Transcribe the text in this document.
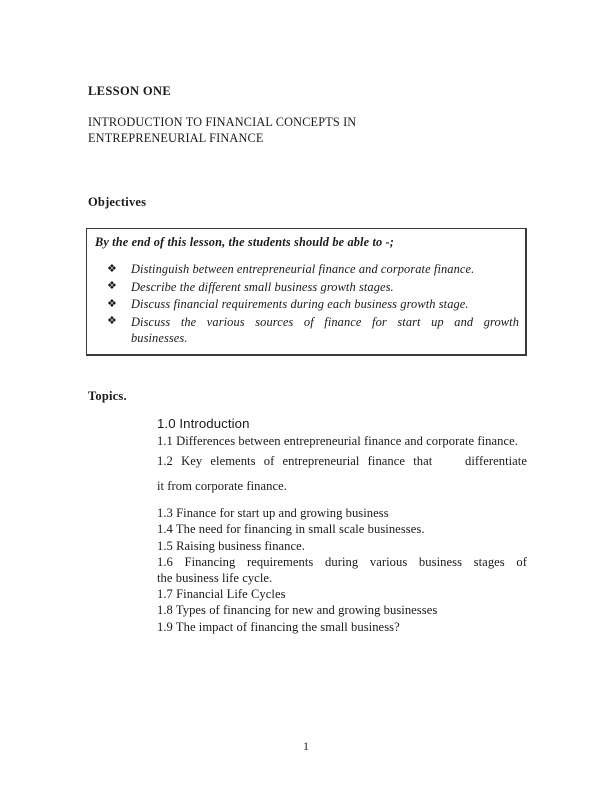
LESSON ONE
INTRODUCTION TO FINANCIAL CONCEPTS IN
ENTREPRENEURIAL FINANCE
Objectives
By the end of this lesson, the students should be able to -;
❖ Distinguish between entrepreneurial finance and corporate finance.
❖ Describe the different small business growth stages.
❖ Discuss financial requirements during each business growth stage.
❖ Discuss the various sources of finance for start up and growth
businesses.
Topics.
1.0 Introduction
1.1 Differences between entrepreneurial finance and corporate finance.
1.2 Key elements of entrepreneurial finance that    differentiate
it from corporate finance.
1.3 Finance for start up and growing business
1.4 The need for financing in small scale businesses.
1.5 Raising business finance.
1.6 Financing requirements during various business stages of
the business life cycle.
1.7 Financial Life Cycles
1.8 Types of financing for new and growing businesses
1.9 The impact of financing the small business?
1
